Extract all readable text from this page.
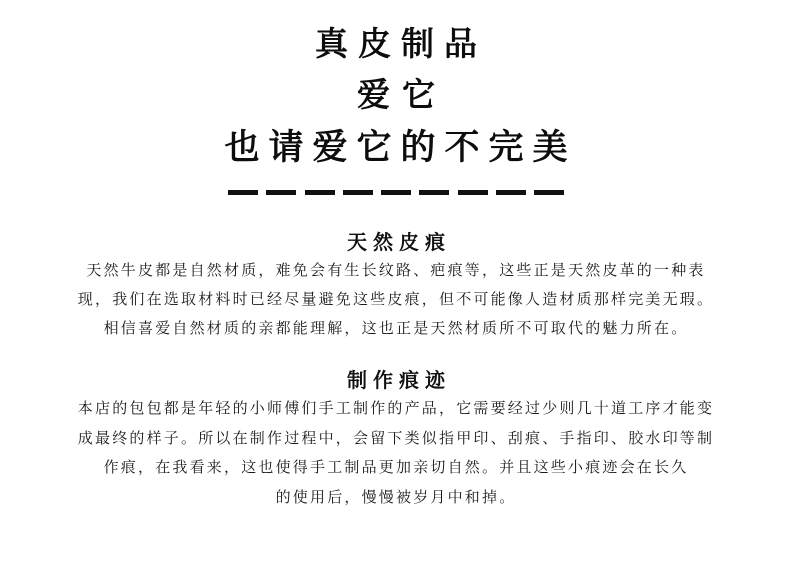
真皮制品
爱它
也请爱它的不完美
天然皮痕
天然牛皮都是自然材质，难免会有生长纹路、疤痕等，这些正是天然皮革的一种表
现，我们在选取材料时已经尽量避免这些皮痕，但不可能像人造材质那样完美无瑕。
相信喜爱自然材质的亲都能理解，这也正是天然材质所不可取代的魅力所在。
制作痕迹
本店的包包都是年轻的小师傅们手工制作的产品，它需要经过少则几十道工序才能变
成最终的样子。所以在制作过程中，会留下类似指甲印、刮痕、手指印、胶水印等制
作痕，在我看来，这也使得手工制品更加亲切自然。并且这些小痕迹会在长久
的使用后，慢慢被岁月中和掉。
